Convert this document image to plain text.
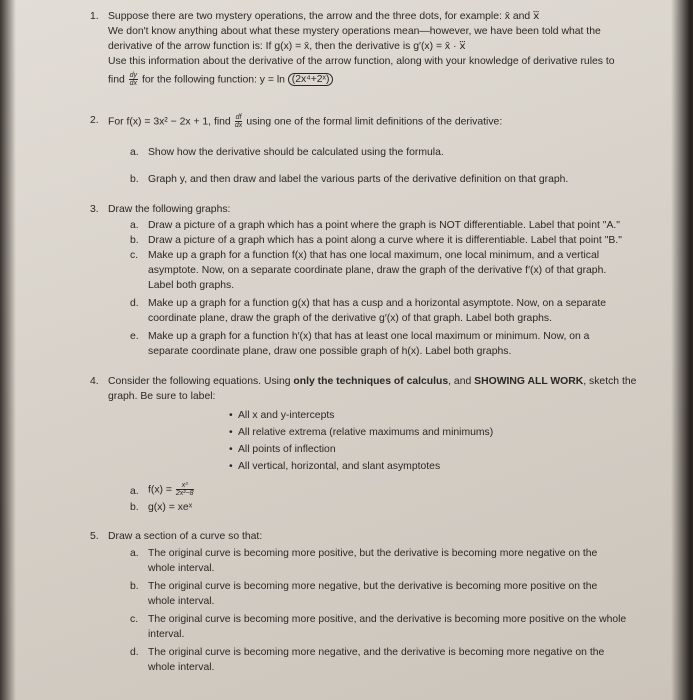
1. Suppose there are two mystery operations, the arrow and the three dots, for example: x̄ and x⃛
We don't know anything about what these mystery operations mean—however, we have been told what the
derivative of the arrow function is: If g(x) = x̄, then the derivative is g′(x) = x̄ · x⃛
Use this information about the derivative of the arrow function, along with your knowledge of derivative rules to
find $\frac{dy}{dx}$ for the following function: y = ln (2x⁴+2ˣ)
2. For f(x) = 3x² − 2x + 1, find $\frac{df}{dx}$ using one of the formal limit definitions of the derivative:
a. Show how the derivative should be calculated using the formula.
b. Graph y, and then draw and label the various parts of the derivative definition on that graph.
3. Draw the following graphs:
a. Draw a picture of a graph which has a point where the graph is NOT differentiable. Label that point "A."
b. Draw a picture of a graph which has a point along a curve where it is differentiable. Label that point "B."
c. Make up a graph for a function f(x) that has one local maximum, one local minimum, and a vertical
asymptote. Now, on a separate coordinate plane, draw the graph of the derivative f′(x) of that graph.
Label both graphs.
d. Make up a graph for a function g(x) that has a cusp and a horizontal asymptote. Now, on a separate
coordinate plane, draw the graph of the derivative g′(x) of that graph. Label both graphs.
e. Make up a graph for a function h′(x) that has at least one local maximum or minimum. Now, on a
separate coordinate plane, draw one possible graph of h(x). Label both graphs.
4. Consider the following equations. Using only the techniques of calculus, and SHOWING ALL WORK, sketch the
graph. Be sure to label:
• All x and y-intercepts
• All relative extrema (relative maximums and minimums)
• All points of inflection
• All vertical, horizontal, and slant asymptotes
a. $f(x) = \frac{\text{x³}}{\text{2x²−8}}$
b. g(x) = xeˣ
5. Draw a section of a curve so that:
a. The original curve is becoming more positive, but the derivative is becoming more negative on the
whole interval.
b. The original curve is becoming more negative, but the derivative is becoming more positive on the
whole interval.
c. The original curve is becoming more positive, and the derivative is becoming more positive on the whole
interval.
d. The original curve is becoming more negative, and the derivative is becoming more negative on the
whole interval.
